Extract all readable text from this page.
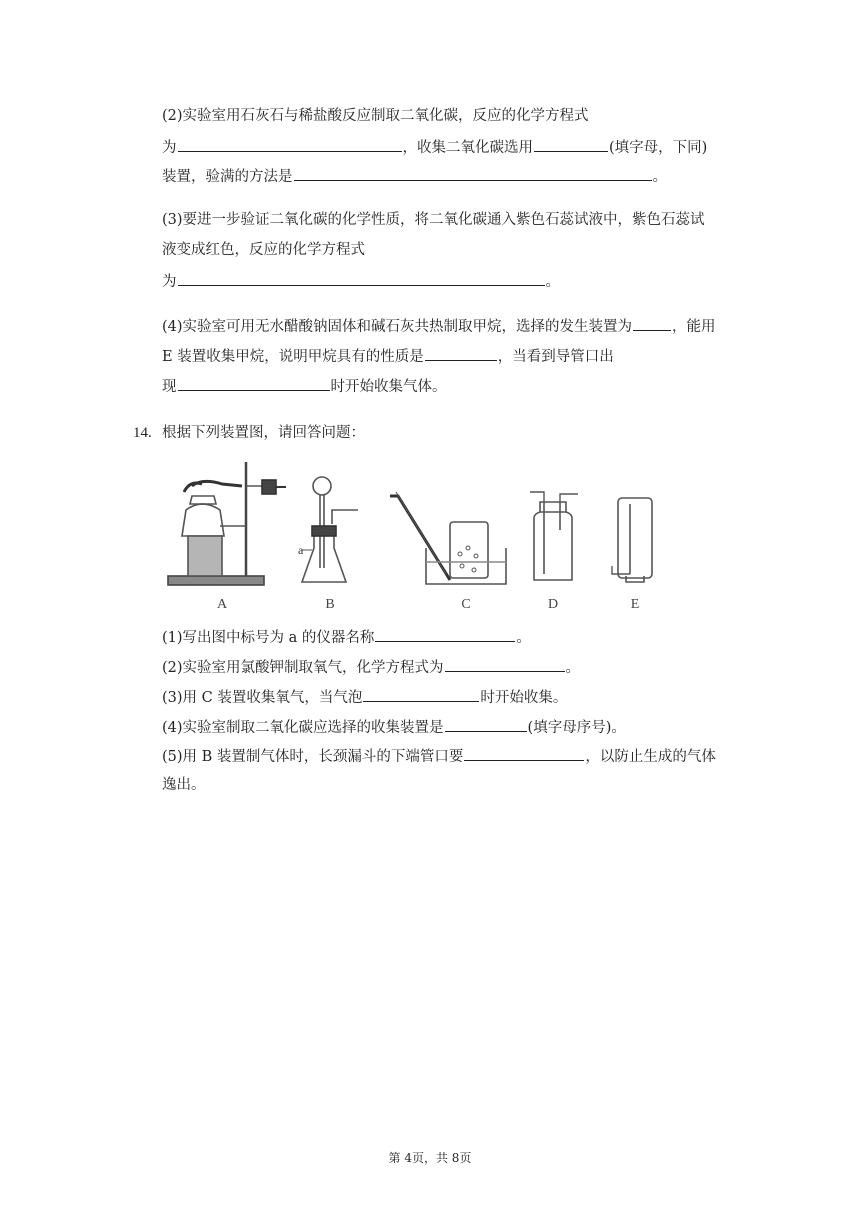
(2)实验室用石灰石与稀盐酸反应制取二氧化碳，反应的化学方程式
为	，收集二氧化碳选用	(填字母，下同)
装置，验满的方法是	。
(3)要进一步验证二氧化碳的化学性质，将二氧化碳通入紫色石蕊试液中，紫色石蕊试
液变成红色，反应的化学方程式
为	。
(4)实验室可用无水醋酸钠固体和碱石灰共热制取甲烷，选择的发生装置为	，能用
E 装置收集甲烷，说明甲烷具有的性质是	，当看到导管口出
现	时开始收集气体。
14. 根据下列装置图，请回答问题：
a
A	B	C	D	E
(1)写出图中标号为 a 的仪器名称	。
(2)实验室用氯酸钾制取氧气，化学方程式为	。
(3)用 C 装置收集氧气，当气泡	时开始收集。
(4)实验室制取二氧化碳应选择的收集装置是	(填字母序号)。
(5)用 B 装置制气体时，长颈漏斗的下端管口要	，以防止生成的气体
逸出。
第 4页，共 8页
